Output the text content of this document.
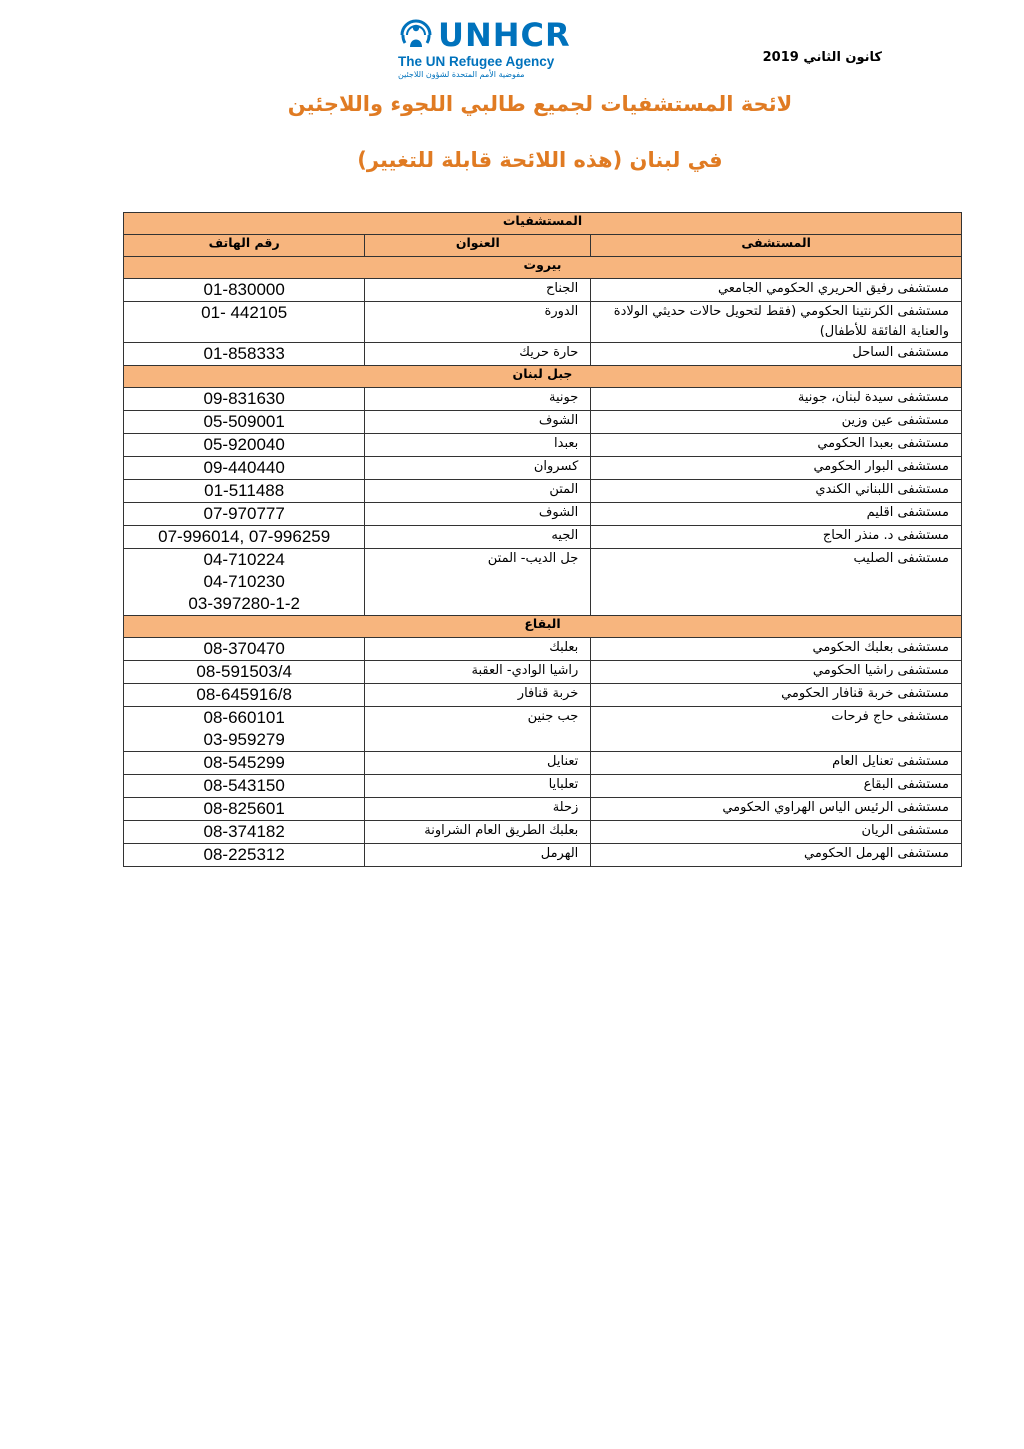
UNHCR
The UN Refugee Agency
مفوضية الأمم المتحدة لشؤون اللاجئين
كانون الثاني 2019
لائحة المستشفيات لجميع طالبي اللجوء واللاجئين
في لبنان (هذه اللائحة قابلة للتغيير)
المستشفيات		
المستشفى	العنوان	رقم الهاتف
بيروت		
مستشفى رفيق الحريري الحكومي الجامعي	الجناح	01-830000

مستشفى الكرنتينا الحكومي (فقط لتحويل حالات حديثي الولادة والعناية الفائقة للأطفال)	الدورة	01- 442105

مستشفى الساحل	حارة حريك	01-858333

جبل لبنان		
مستشفى سيدة لبنان، جونية	جونية	09-831630

مستشفى عين وزين	الشوف	05-509001

مستشفى بعبدا الحكومي	بعبدا	05-920040

مستشفى البوار الحكومي	كسروان	09-440440

مستشفى اللبناني الكندي	المتن	01-511488

مستشفى اقليم	الشوف	07-970777

مستشفى د. منذر الحاج	الجيه	07-996014, 07-996259

مستشفى الصليب	جل الديب- المتن	04-710224
04-710230
03-397280-1-2

البقاع		
مستشفى بعلبك الحكومي	بعلبك	08-370470

مستشفى راشيا الحكومي	راشيا الوادي- العقبة	08-591503/4

مستشفى خربة قنافار الحكومي	خربة قنافار	08-645916/8

مستشفى حاج فرحات	جب جنين	08-660101
03-959279

مستشفى تعنايل العام	تعنايل	08-545299

مستشفى البقاع	تعلبايا	08-543150

مستشفى الرئيس الياس الهراوي الحكومي	زحلة	08-825601

مستشفى الريان	بعلبك الطريق العام الشراونة	08-374182

مستشفى الهرمل الحكومي	الهرمل	08-225312
